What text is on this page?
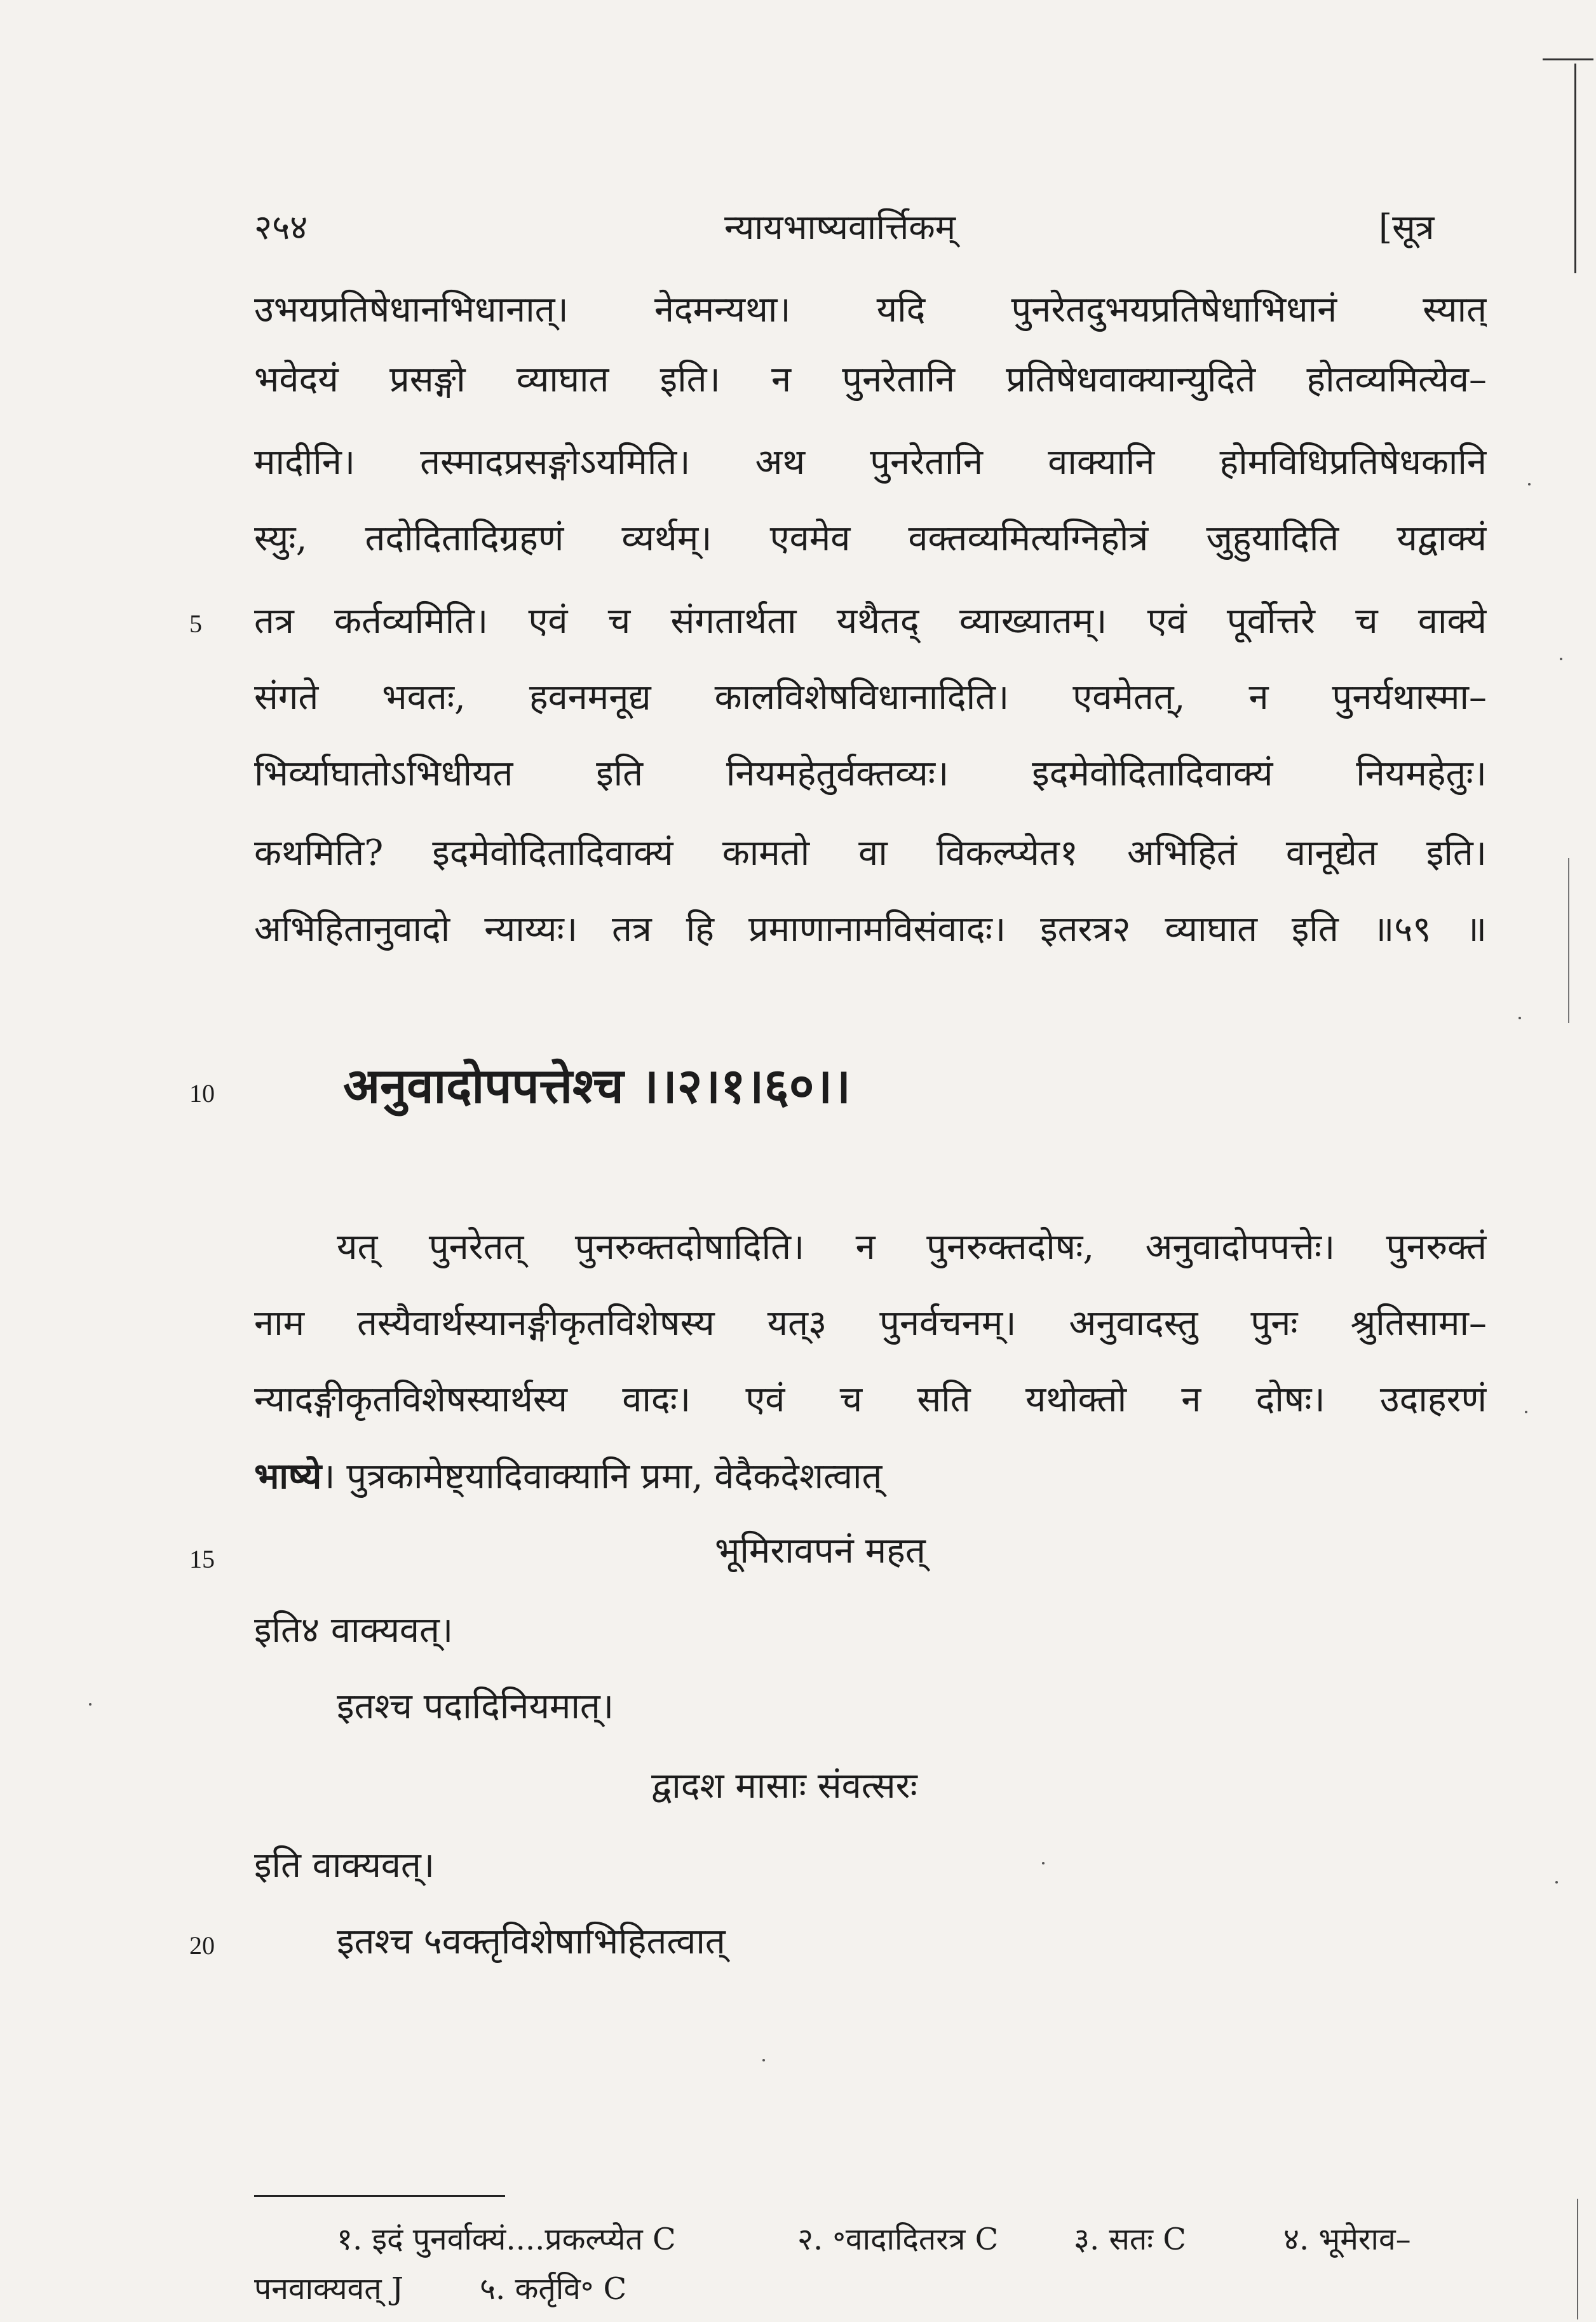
२५४	न्यायभाष्यवार्त्तिकम्	[सूत्र
उभयप्रतिषेधानभिधानात्। नेदमन्यथा। यदि पुनरेतदुभयप्रतिषेधाभिधानं स्यात्
भवेदयं प्रसङ्गो व्याघात इति। न पुनरेतानि प्रतिषेधवाक्यान्युदिते होतव्यमित्येव–
मादीनि। तस्मादप्रसङ्गोऽयमिति। अथ पुनरेतानि वाक्यानि होमविधिप्रतिषेधकानि
स्युः, तदोदितादिग्रहणं व्यर्थम्। एवमेव वक्तव्यमित्यग्निहोत्रं जुहुयादिति यद्वाक्यं
तत्र कर्तव्यमिति। एवं च संगतार्थता यथैतद् व्याख्यातम्। एवं पूर्वोत्तरे च वाक्ये
संगते भवतः, हवनमनूद्य कालविशेषविधानादिति। एवमेतत्, न पुनर्यथास्मा–
भिर्व्याघातोऽभिधीयत इति नियमहेतुर्वक्तव्यः। इदमेवोदितादिवाक्यं नियमहेतुः।
कथमिति? इदमेवोदितादिवाक्यं कामतो वा विकल्प्येत१ अभिहितं वानूद्येत इति।
अभिहितानुवादो न्याय्यः। तत्र हि प्रमाणानामविसंवादः। इतरत्र२ व्याघात इति ॥५९ ॥
5
10
15
20
अनुवादोपपत्तेश्च ।।२।१।६०।।
यत् पुनरेतत् पुनरुक्तदोषादिति। न पुनरुक्तदोषः, अनुवादोपपत्तेः। पुनरुक्तं
नाम तस्यैवार्थस्यानङ्गीकृतविशेषस्य यत्३ पुनर्वचनम्। अनुवादस्तु पुनः श्रुतिसामा–
न्यादङ्गीकृतविशेषस्यार्थस्य वादः। एवं च सति यथोक्तो न दोषः। उदाहरणं
भाष्ये। पुत्रकामेष्ट्यादिवाक्यानि प्रमा, वेदैकदेशत्वात्
भूमिरावपनं महत्
इति४ वाक्यवत्।
इतश्च पदादिनियमात्।
द्वादश मासाः संवत्सरः
इति वाक्यवत्।
इतश्च ५वक्तृविशेषाभिहितत्वात्
१. इदं पुनर्वाक्यं....प्रकल्प्येत C	२. ॰वादादितरत्र C ३. सतः C	४. भूमेराव–
पनवाक्यवत् J ५. कर्तृवि॰ C
